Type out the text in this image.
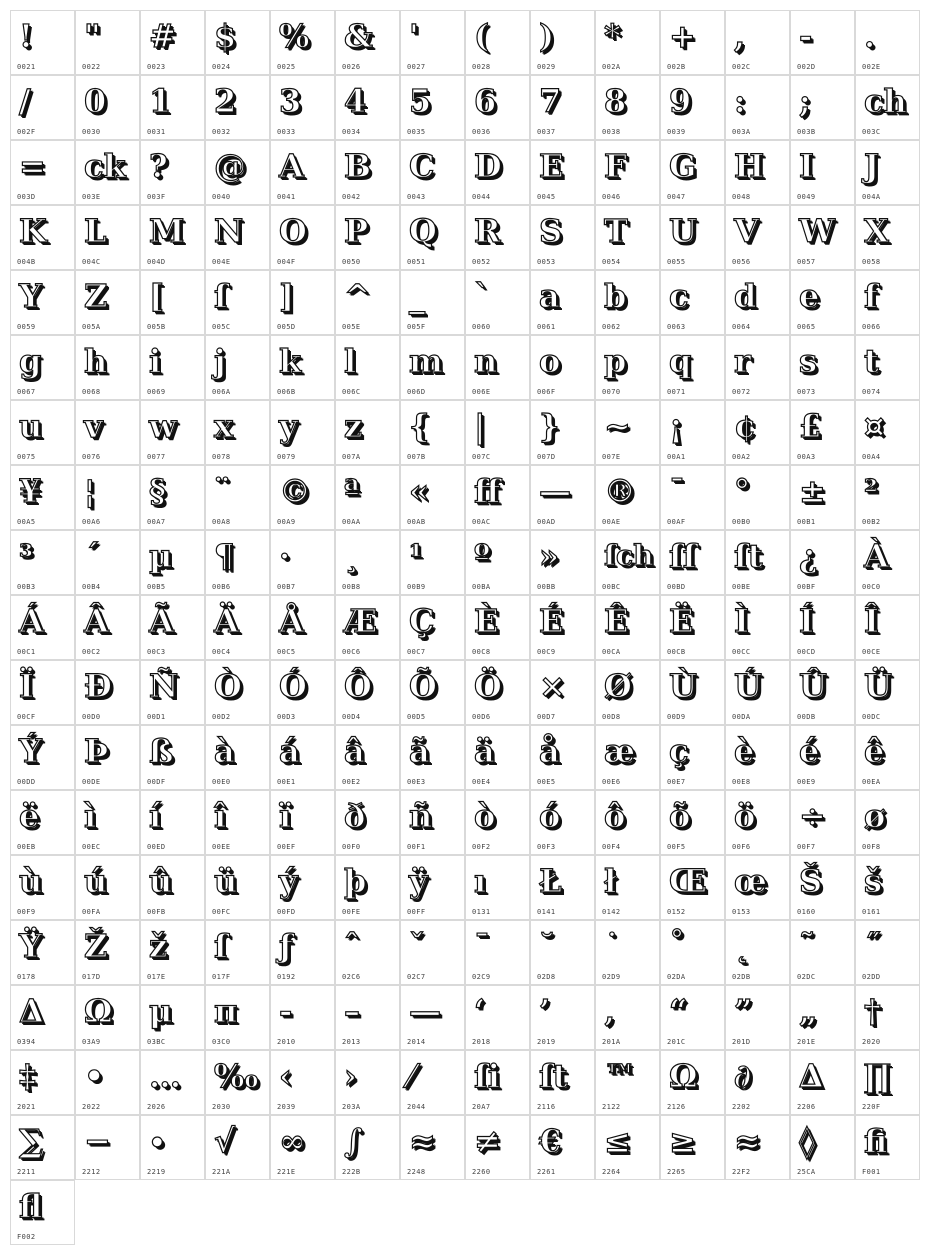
!
0021
"
0022
#
0023
$
0024
%
0025
&
0026
'
0027
(
0028
)
0029
*
002A
+
002B
,
002C
-
002D
.
002E
/
002F
0
0030
1
0031
2
0032
3
0033
4
0034
5
0035
6
0036
7
0037
8
0038
9
0039
:
003A
;
003B
ch
003C
=
003D
ck
003E
?
003F
@
0040
A
0041
B
0042
C
0043
D
0044
E
0045
F
0046
G
0047
H
0048
I
0049
J
004A
K
004B
L
004C
M
004D
N
004E
O
004F
P
0050
Q
0051
R
0052
S
0053
T
0054
U
0055
V
0056
W
0057
X
0058
Y
0059
Z
005A
[
005B
ſ
005C
]
005D
^
005E
_
005F
`
0060
a
0061
b
0062
c
0063
d
0064
e
0065
f
0066
g
0067
h
0068
i
0069
j
006A
k
006B
l
006C
m
006D
n
006E
o
006F
p
0070
q
0071
r
0072
s
0073
t
0074
u
0075
v
0076
w
0077
x
0078
y
0079
z
007A
{
007B
|
007C
}
007D
~
007E
¡
00A1
¢
00A2
£
00A3
¤
00A4
¥
00A5
¦
00A6
§
00A7
¨
00A8
©
00A9
ª
00AA
«
00AB
ff
00AC
—
00AD
®
00AE
¯
00AF
°
00B0
±
00B1
²
00B2
³
00B3
´
00B4
µ
00B5
¶
00B6
·
00B7
¸
00B8
¹
00B9
º
00BA
»
00BB
ſch
00BC
ſſ
00BD
ſt
00BE
¿
00BF
À
00C0
Á
00C1
Â
00C2
Ã
00C3
Ä
00C4
Å
00C5
Æ
00C6
Ç
00C7
È
00C8
É
00C9
Ê
00CA
Ë
00CB
Ì
00CC
Í
00CD
Î
00CE
Ï
00CF
Ð
00D0
Ñ
00D1
Ò
00D2
Ó
00D3
Ô
00D4
Õ
00D5
Ö
00D6
×
00D7
Ø
00D8
Ù
00D9
Ú
00DA
Û
00DB
Ü
00DC
Ý
00DD
Þ
00DE
ß
00DF
à
00E0
á
00E1
â
00E2
ã
00E3
ä
00E4
å
00E5
æ
00E6
ç
00E7
è
00E8
é
00E9
ê
00EA
ë
00EB
ì
00EC
í
00ED
î
00EE
ï
00EF
ð
00F0
ñ
00F1
ò
00F2
ó
00F3
ô
00F4
õ
00F5
ö
00F6
÷
00F7
ø
00F8
ù
00F9
ú
00FA
û
00FB
ü
00FC
ý
00FD
þ
00FE
ÿ
00FF
ı
0131
Ł
0141
ł
0142
Œ
0152
œ
0153
Š
0160
š
0161
Ÿ
0178
Ž
017D
ž
017E
ſ
017F
ƒ
0192
ˆ
02C6
ˇ
02C7
ˉ
02C9
˘
02D8
˙
02D9
˚
02DA
˛
02DB
˜
02DC
˝
02DD
Δ
0394
Ω
03A9
μ
03BC
π
03C0
‐
2010
–
2013
—
2014
‘
2018
’
2019
‚
201A
“
201C
”
201D
„
201E
†
2020
‡
2021
•
2022
…
2026
‰
2030
‹
2039
›
203A
⁄
2044
ſi
20A7
ſt
2116
™
2122
Ω
2126
∂
2202
∆
2206
∏
220F
∑
2211
−
2212
∙
2219
√
221A
∞
221E
∫
222B
≈
2248
≠
2260
€
2261
≤
2264
≥
2265
≈
22F2
◊
25CA
fi
F001
fl
F002
